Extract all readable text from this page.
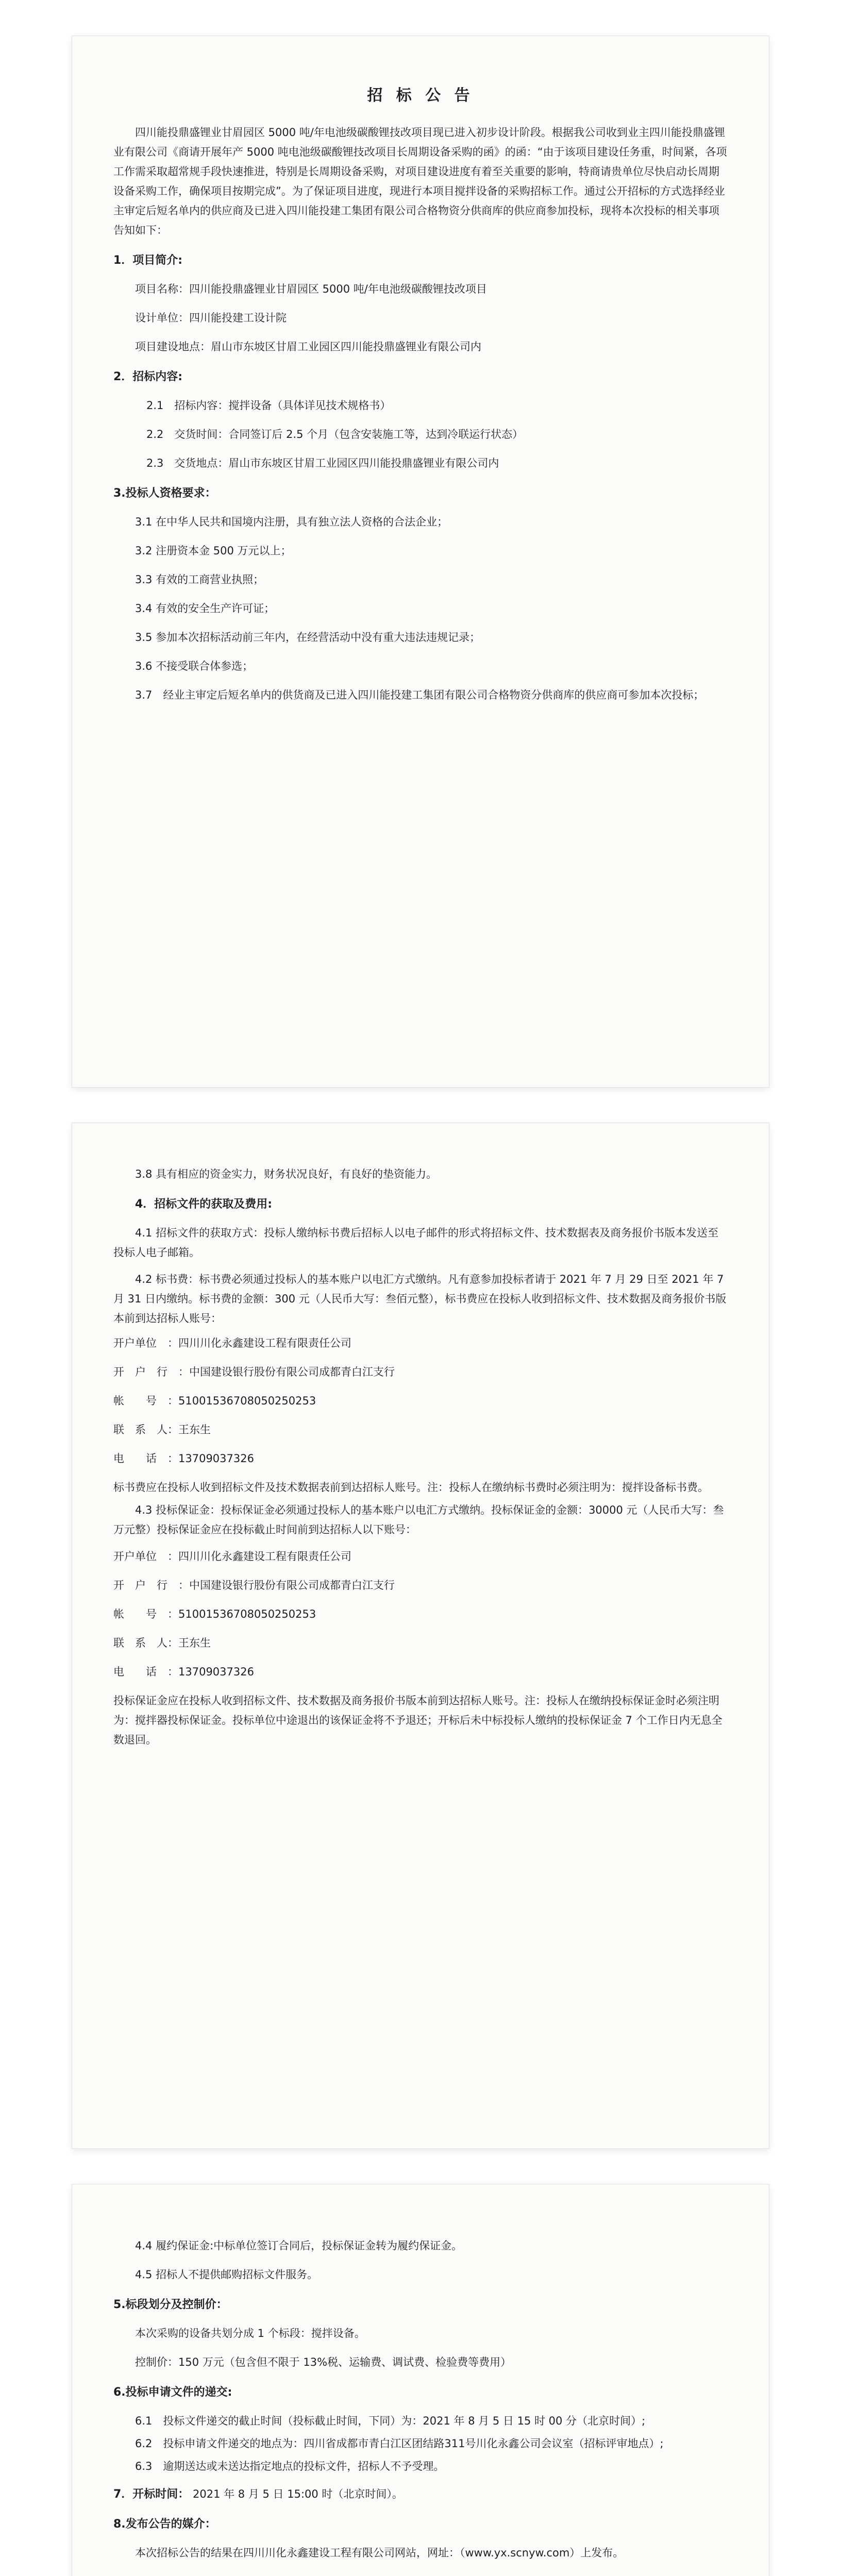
招 标 公 告

四川能投鼎盛锂业甘眉园区 5000 吨/年电池级碳酸锂技改项目现已进入初步设计阶段。根据我公司收到业主四川能投鼎盛锂业有限公司《商请开展年产 5000 吨电池级碳酸锂技改项目长周期设备采购的函》的函：“由于该项目建设任务重，时间紧，各项工作需采取超常规手段快速推进，特别是长周期设备采购，对项目建设进度有着至关重要的影响，特商请贵单位尽快启动长周期设备采购工作，确保项目按期完成”。为了保证项目进度，现进行本项目搅拌设备的采购招标工作。通过公开招标的方式选择经业主审定后短名单内的供应商及已进入四川能投建工集团有限公司合格物资分供商库的供应商参加投标，现将本次投标的相关事项告知如下：

1．项目简介:

项目名称：四川能投鼎盛锂业甘眉园区 5000 吨/年电池级碳酸锂技改项目

设计单位：四川能投建工设计院

项目建设地点：眉山市东坡区甘眉工业园区四川能投鼎盛锂业有限公司内

2．招标内容:

2.1　招标内容：搅拌设备（具体详见技术规格书）

2.2　交货时间：合同签订后 2.5 个月（包含安装施工等，达到冷联运行状态）

2.3　交货地点：眉山市东坡区甘眉工业园区四川能投鼎盛锂业有限公司内

3.投标人资格要求：

3.1 在中华人民共和国境内注册，具有独立法人资格的合法企业；

3.2 注册资本金 500 万元以上；

3.3 有效的工商营业执照；

3.4 有效的安全生产许可证；

3.5 参加本次招标活动前三年内，在经营活动中没有重大违法违规记录；

3.6 不接受联合体参选；

3.7　经业主审定后短名单内的供货商及已进入四川能投建工集团有限公司合格物资分供商库的供应商可参加本次投标；

3.8 具有相应的资金实力，财务状况良好，有良好的垫资能力。

4．招标文件的获取及费用:

4.1 招标文件的获取方式：投标人缴纳标书费后招标人以电子邮件的形式将招标文件、技术数据表及商务报价书版本发送至投标人电子邮箱。

4.2 标书费：标书费必须通过投标人的基本账户以电汇方式缴纳。凡有意参加投标者请于 2021 年 7 月 29 日至 2021 年 7 月 31 日内缴纳。标书费的金额：300 元（人民币大写：叁佰元整），标书费应在投标人收到招标文件、技术数据及商务报价书版本前到达招标人账号：

开户单位　：四川川化永鑫建设工程有限责任公司

开　户　行　：中国建设银行股份有限公司成都青白江支行

帐　　号　：51001536708050250253

联　系　人：王东生

电　　话　：13709037326

标书费应在投标人收到招标文件及技术数据表前到达招标人账号。注：投标人在缴纳标书费时必须注明为：搅拌设备标书费。

4.3 投标保证金：投标保证金必须通过投标人的基本账户以电汇方式缴纳。投标保证金的金额：30000 元（人民币大写：叁万元整）投标保证金应在投标截止时间前到达招标人以下账号：

开户单位　：四川川化永鑫建设工程有限责任公司

开　户　行　：中国建设银行股份有限公司成都青白江支行

帐　　号　：51001536708050250253

联　系　人：王东生

电　　话　：13709037326

投标保证金应在投标人收到招标文件、技术数据及商务报价书版本前到达招标人账号。注：投标人在缴纳投标保证金时必须注明为：搅拌器投标保证金。投标单位中途退出的该保证金将不予退还；开标后未中标投标人缴纳的投标保证金 7 个工作日内无息全数退回。

4.4 履约保证金:中标单位签订合同后，投标保证金转为履约保证金。

4.5 招标人不提供邮购招标文件服务。

5.标段划分及控制价：

本次采购的设备共划分成 1 个标段：搅拌设备。

控制价：150 万元（包含但不限于 13%税、运输费、调试费、检验费等费用）

6.投标申请文件的递交:

6.1　投标文件递交的截止时间（投标截止时间，下同）为：2021 年 8 月 5 日 15 时 00 分（北京时间）;

6.2　投标申请文件递交的地点为：四川省成都市青白江区团结路311号川化永鑫公司会议室（招标评审地点）;

6.3　逾期送达或未送达指定地点的投标文件，招标人不予受理。

7．开标时间： 2021 年 8 月 5 日 15:00 时（北京时间）。
8.发布公告的媒介：

本次招标公告的结果在四川川化永鑫建设工程有限公司网站，网址：（www.yx.scnyw.com）上发布。
